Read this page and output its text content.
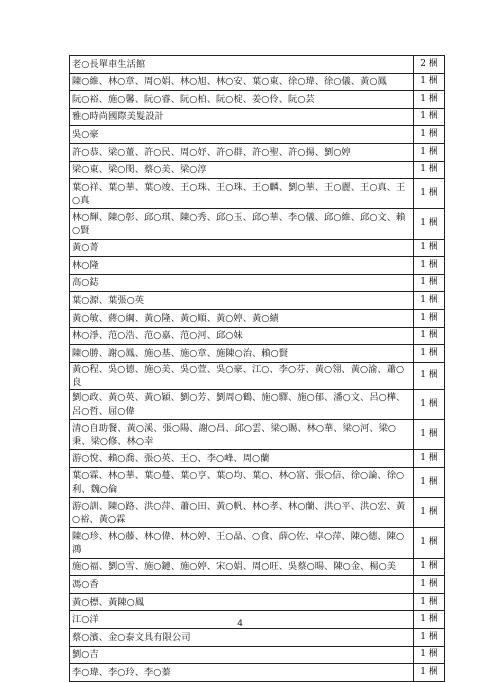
老○長單車生活館	2 梱
陳○維、林○章、周○娟、林○旭、林○安、葉○東、徐○瑋、徐○儀、黃○鳳	1 梱
阮○裕、施○馨、阮○睿、阮○柏、阮○椗、姜○伶、阮○芸	1 梱
雅○時尚國際美髮設計	1 梱
吳○豪	1 梱
許○恭、梁○董、許○民、周○妤、許○群、許○聖、許○揚、劉○婷	1 梱
梁○東、梁○閔、蔡○美、梁○淳	1 梱
葉○祥、葉○華、葉○竣、王○珠、王○珠、王○麟、劉○華、王○麗、王○真、王○真	1 梱
林○輝、陳○彰、邱○琪、陳○秀、邱○玉、邱○華、李○儀、邱○維、邱○文、賴○賢	1 梱
黃○菁	1 梱
林○隆	1 梱
高○鋕	1 梱
葉○源、葉張○英	1 梱
黃○敏、蔣○綱、黃○隆、黃○順、黃○婷、黃○績	1 梱
林○淨、范○浩、范○嘉、范○河、邱○妹	1 梱
陳○勝、謝○鳳、施○基、施○章、施陳○治、賴○賢	1 梱
黃○程、吳○德、施○美、吳○萱、吳○豪、江○、李○芬、黃○翎、黃○渝、蕭○良	1 梱
劉○政、黃○英、黃○穎、劉○芳、劉周○鶴、施○驛、施○郁、潘○文、呂○樺、呂○哲、屈○偉	1 梱
清○自助餐、黃○溪、張○陽、謝○昌、邱○雲、梁○賜、林○華、梁○河、梁○秉、梁○修、林○幸	1 梱
游○悅、賴○喬、張○英、王○、李○峰、周○蘭	1 梱
葉○霖、林○華、葉○蔓、葉○亨、葉○均、葉○、林○富、張○信、徐○論、徐○利、魏○倫	1 梱
游○訓、陳○路、洪○萍、蕭○田、黃○帆、林○孝、林○蘭、洪○平、洪○宏、黃○裕、黃○霖	1 梱
陳○珍、林○藤、林○偉、林○婷、王○晶、○食、薛○佐、卓○萍、陳○德、陳○鴻	1 梱
施○福、劉○雪、施○鏈、施○婷、宋○娟、周○旺、吳蔡○暘、陳○金、楊○美	1 梱
馮○香	1 梱
黃○標、黃陳○鳳	1 梱
江○洋	1 梱
蔡○濱、金○泰文具有限公司	1 梱
劉○吉	1 梱
李○瑋、李○玲、李○蓁	1 梱
4
